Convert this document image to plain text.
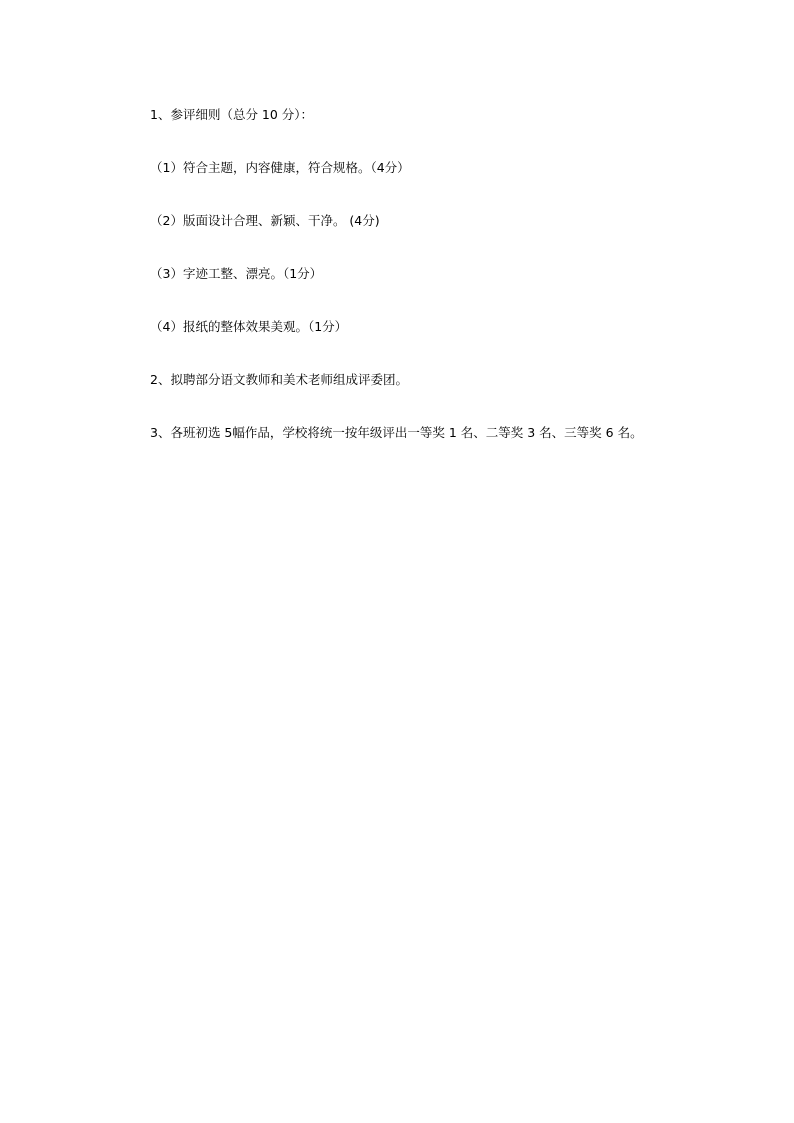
1、参评细则（总分 10 分）：
（1）符合主题，内容健康，符合规格。（4分）
（2）版面设计合理、新颖、干净。 (4分)
（3）字迹工整、漂亮。（1分）
（4）报纸的整体效果美观。（1分）
2、拟聘部分语文教师和美术老师组成评委团。
3、各班初选 5幅作品，学校将统一按年级评出一等奖 1 名、二等奖 3 名、三等奖 6 名。
